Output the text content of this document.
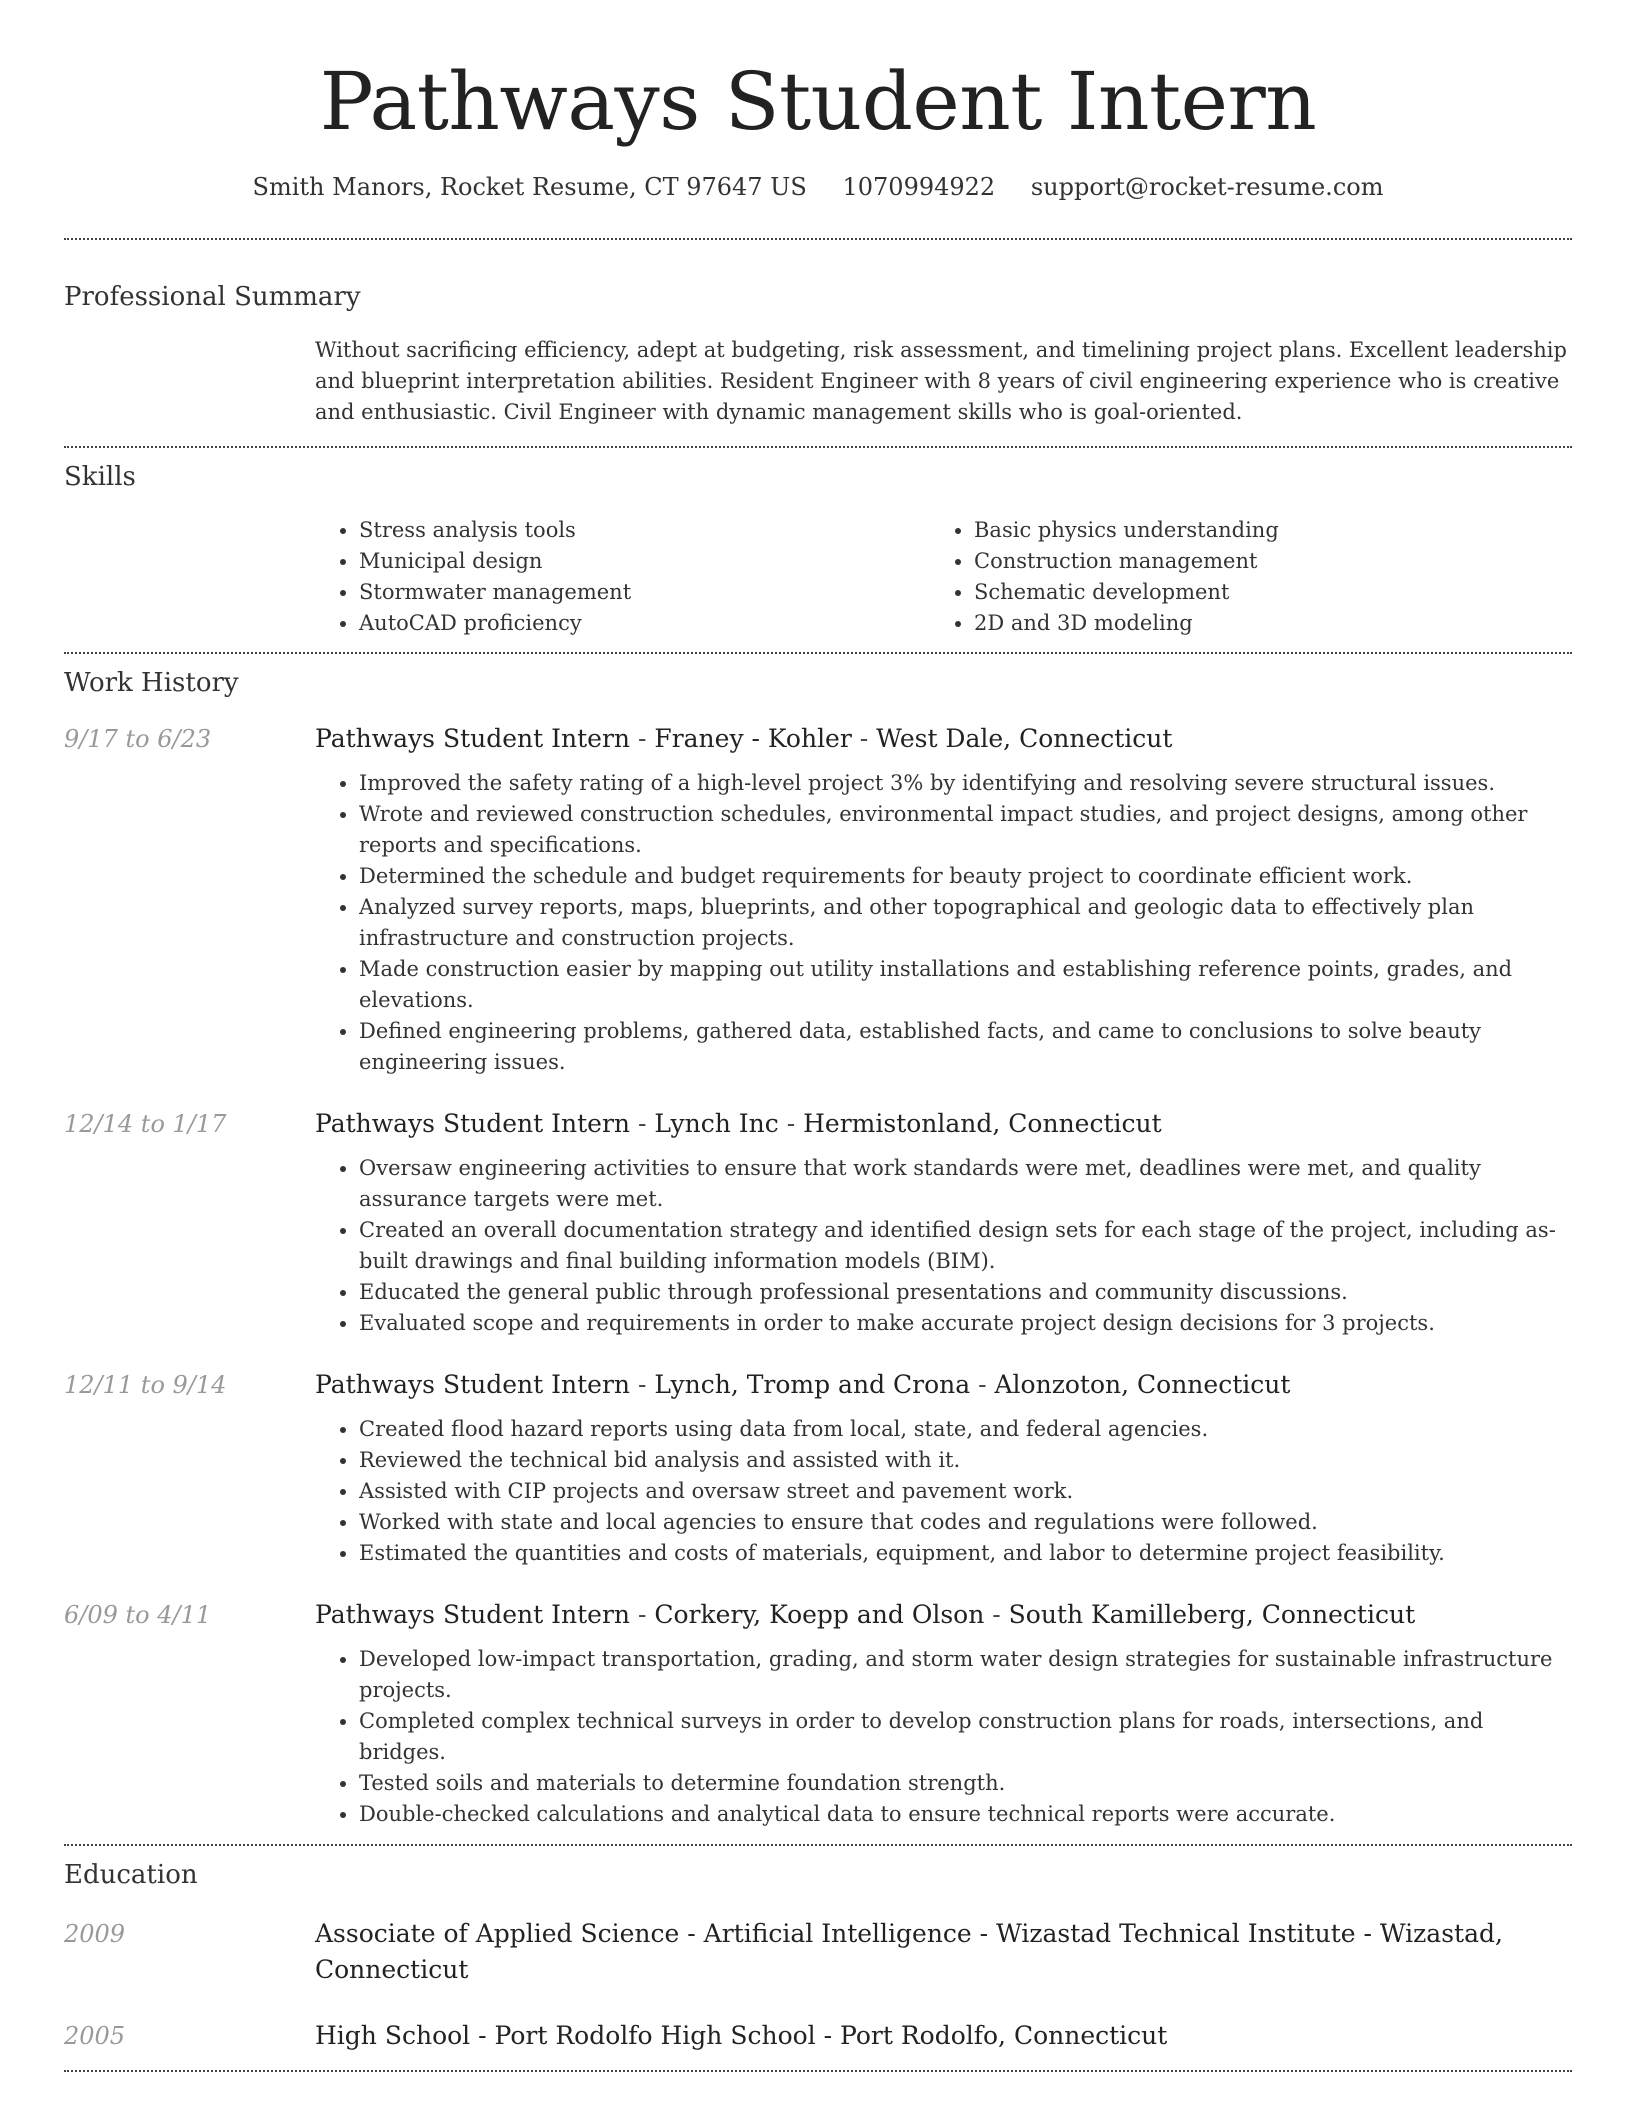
Pathways Student Intern
Smith Manors, Rocket Resume, CT 97647 US 1070994922 support@rocket-resume.com
Professional Summary
Without sacrificing efficiency, adept at budgeting, risk assessment, and timelining project plans. Excellent leadership and blueprint interpretation abilities. Resident Engineer with 8 years of civil engineering experience who is creative and enthusiastic. Civil Engineer with dynamic management skills who is goal-oriented.
Skills
• Stress analysis tools
• Municipal design
• Stormwater management
• AutoCAD proficiency
• Basic physics understanding
• Construction management
• Schematic development
• 2D and 3D modeling
Work History
9/17 to 6/23	Pathways Student Intern - Franey - Kohler - West Dale, Connecticut
• Improved the safety rating of a high-level project 3% by identifying and resolving severe structural issues.
• Wrote and reviewed construction schedules, environmental impact studies, and project designs, among other reports and specifications.
• Determined the schedule and budget requirements for beauty project to coordinate efficient work.
• Analyzed survey reports, maps, blueprints, and other topographical and geologic data to effectively plan infrastructure and construction projects.
• Made construction easier by mapping out utility installations and establishing reference points, grades, and elevations.
• Defined engineering problems, gathered data, established facts, and came to conclusions to solve beauty engineering issues.
12/14 to 1/17	Pathways Student Intern - Lynch Inc - Hermistonland, Connecticut
• Oversaw engineering activities to ensure that work standards were met, deadlines were met, and quality assurance targets were met.
• Created an overall documentation strategy and identified design sets for each stage of the project, including as-built drawings and final building information models (BIM).
• Educated the general public through professional presentations and community discussions.
• Evaluated scope and requirements in order to make accurate project design decisions for 3 projects.
12/11 to 9/14	Pathways Student Intern - Lynch, Tromp and Crona - Alonzoton, Connecticut
• Created flood hazard reports using data from local, state, and federal agencies.
• Reviewed the technical bid analysis and assisted with it.
• Assisted with CIP projects and oversaw street and pavement work.
• Worked with state and local agencies to ensure that codes and regulations were followed.
• Estimated the quantities and costs of materials, equipment, and labor to determine project feasibility.
6/09 to 4/11	Pathways Student Intern - Corkery, Koepp and Olson - South Kamilleberg, Connecticut
• Developed low-impact transportation, grading, and storm water design strategies for sustainable infrastructure projects.
• Completed complex technical surveys in order to develop construction plans for roads, intersections, and bridges.
• Tested soils and materials to determine foundation strength.
• Double-checked calculations and analytical data to ensure technical reports were accurate.
Education
2009	Associate of Applied Science - Artificial Intelligence - Wizastad Technical Institute - Wizastad, Connecticut
2005	High School - Port Rodolfo High School - Port Rodolfo, Connecticut
